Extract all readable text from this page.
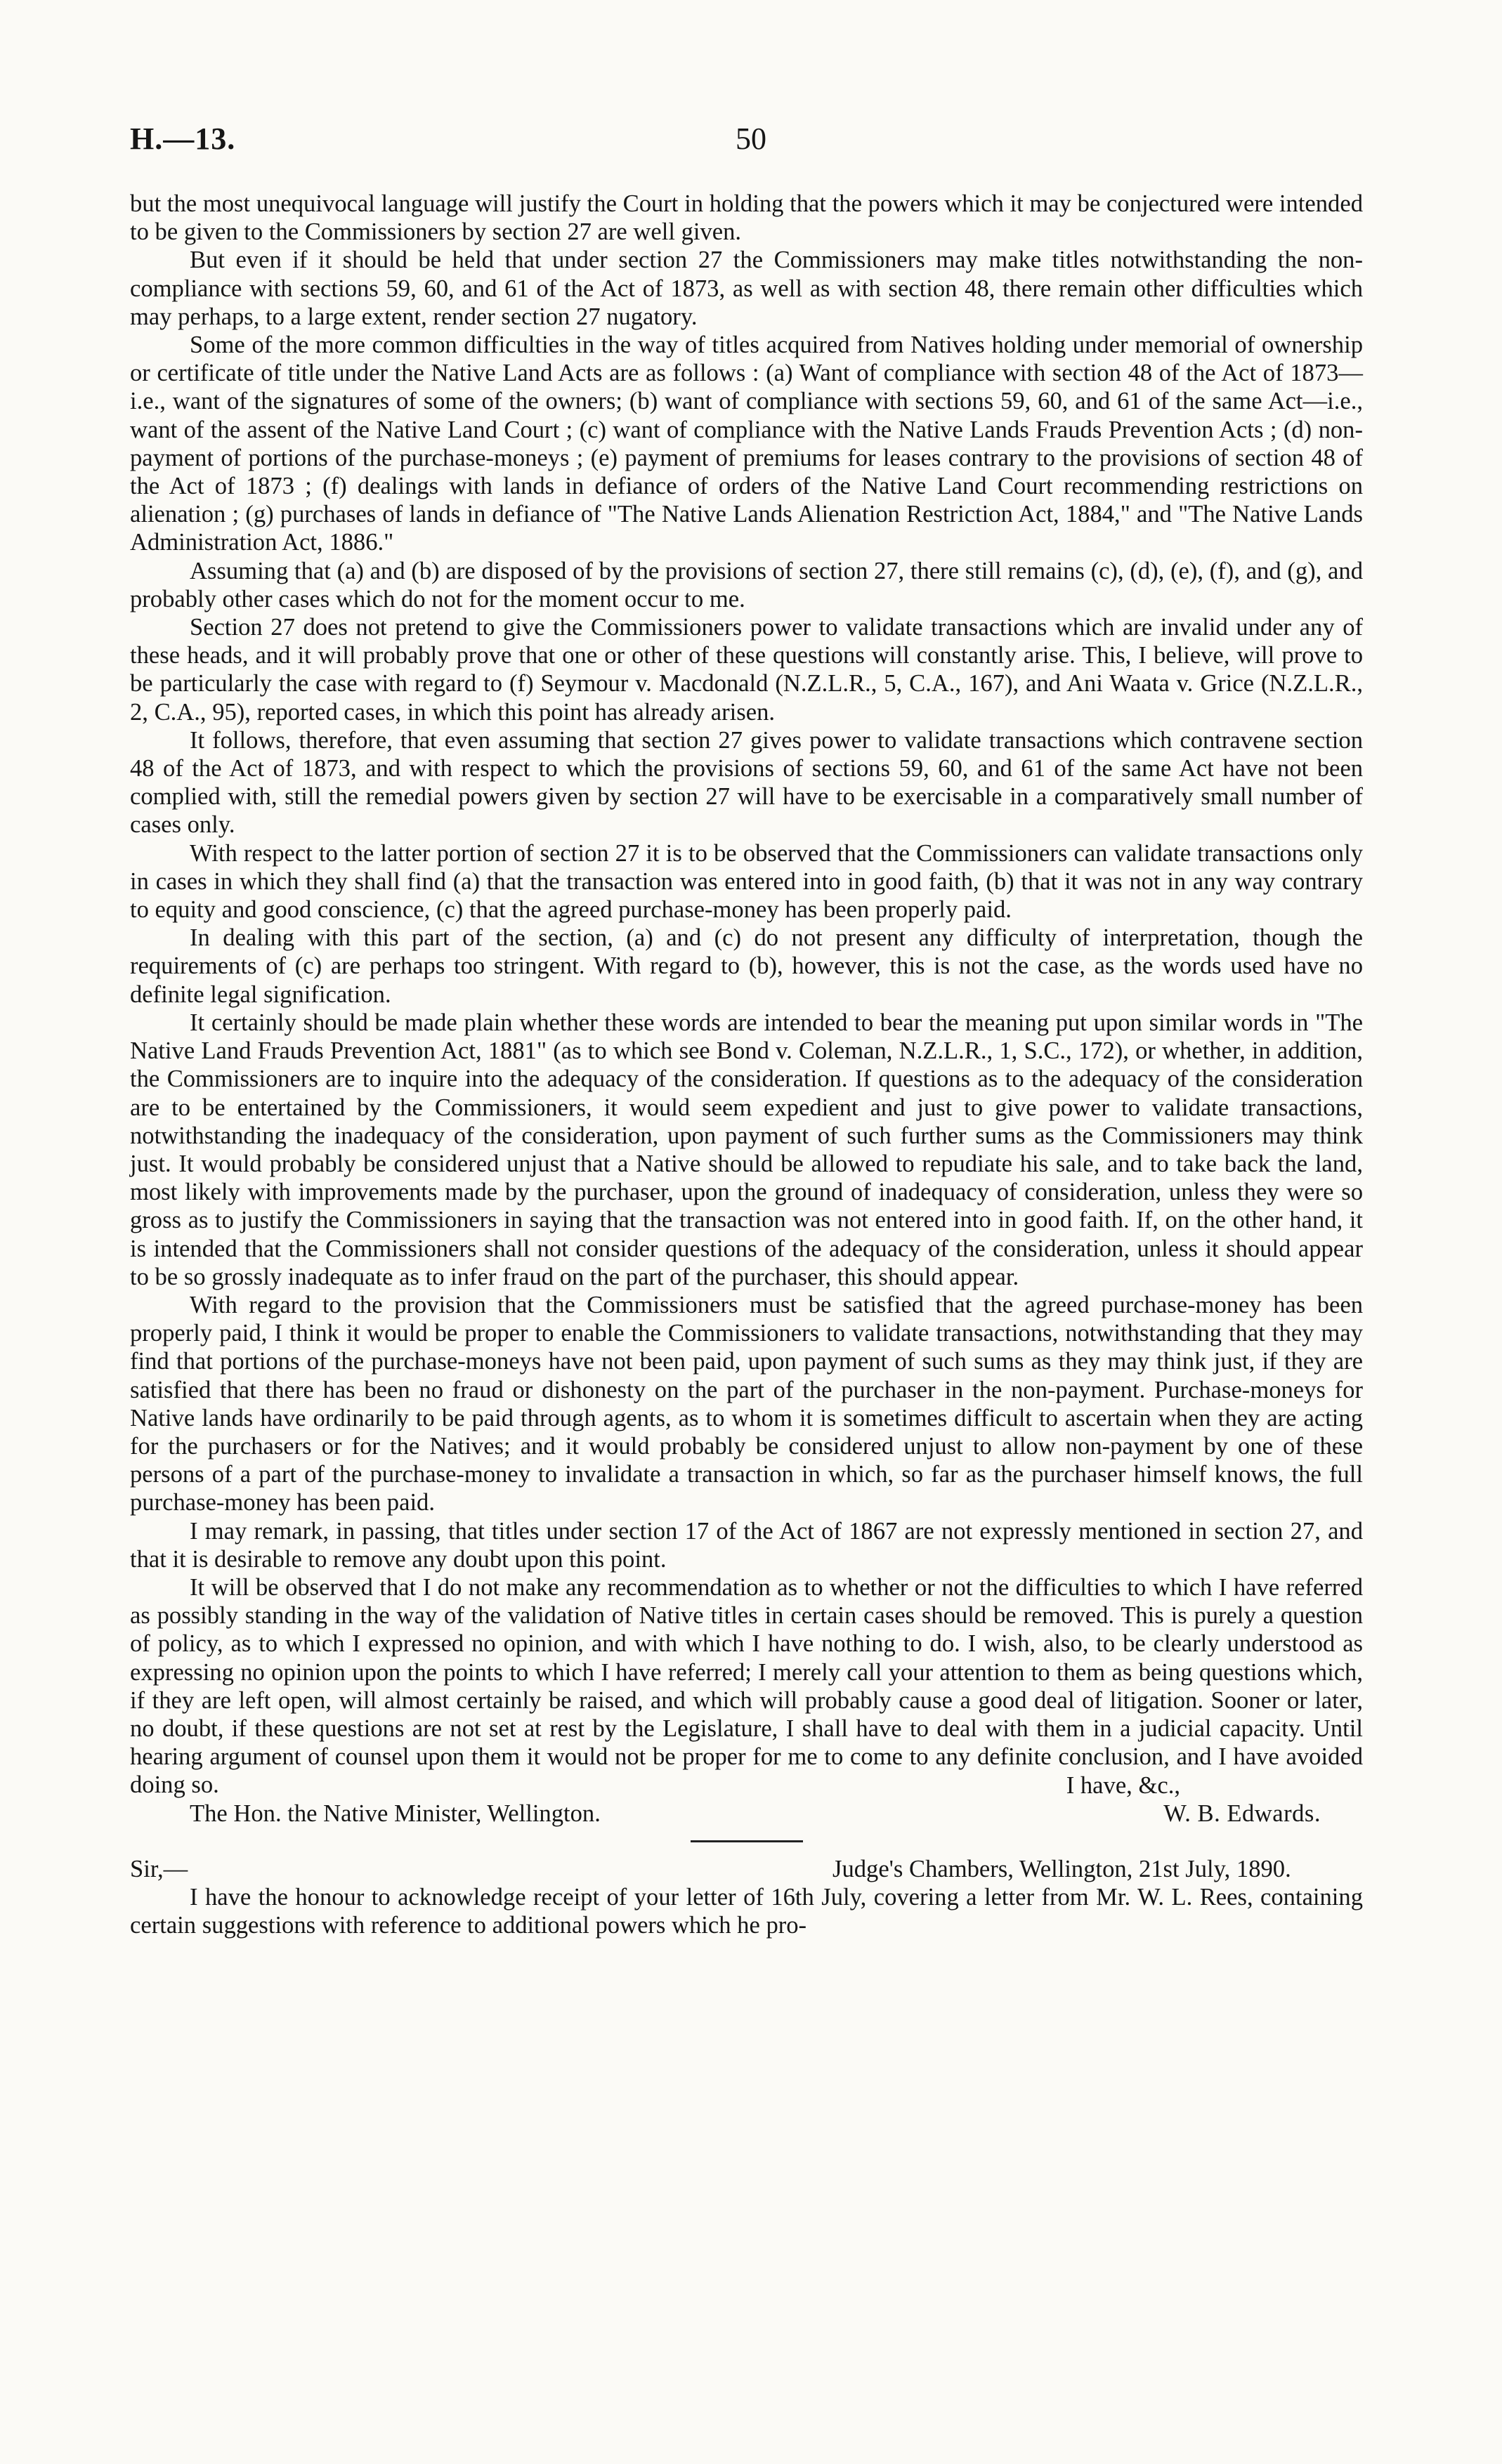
H.—13.	50

but the most unequivocal language will justify the Court in holding that the powers which it may be conjectured were intended to be given to the Commissioners by section 27 are well given.

But even if it should be held that under section 27 the Commissioners may make titles notwithstanding the non-compliance with sections 59, 60, and 61 of the Act of 1873, as well as with section 48, there remain other difficulties which may perhaps, to a large extent, render section 27 nugatory.

Some of the more common difficulties in the way of titles acquired from Natives holding under memorial of ownership or certificate of title under the Native Land Acts are as follows : (a) Want of compliance with section 48 of the Act of 1873—i.e., want of the signatures of some of the owners; (b) want of compliance with sections 59, 60, and 61 of the same Act—i.e., want of the assent of the Native Land Court ; (c) want of compliance with the Native Lands Frauds Prevention Acts ; (d) non-payment of portions of the purchase-moneys ; (e) payment of premiums for leases contrary to the provisions of section 48 of the Act of 1873 ; (f) dealings with lands in defiance of orders of the Native Land Court recommending restrictions on alienation ; (g) purchases of lands in defiance of "The Native Lands Alienation Restriction Act, 1884," and "The Native Lands Administration Act, 1886."

Assuming that (a) and (b) are disposed of by the provisions of section 27, there still remains (c), (d), (e), (f), and (g), and probably other cases which do not for the moment occur to me.

Section 27 does not pretend to give the Commissioners power to validate transactions which are invalid under any of these heads, and it will probably prove that one or other of these questions will constantly arise. This, I believe, will prove to be particularly the case with regard to (f) Seymour v. Macdonald (N.Z.L.R., 5, C.A., 167), and Ani Waata v. Grice (N.Z.L.R., 2, C.A., 95), reported cases, in which this point has already arisen.

It follows, therefore, that even assuming that section 27 gives power to validate transactions which contravene section 48 of the Act of 1873, and with respect to which the provisions of sections 59, 60, and 61 of the same Act have not been complied with, still the remedial powers given by section 27 will have to be exercisable in a comparatively small number of cases only.

With respect to the latter portion of section 27 it is to be observed that the Commissioners can validate transactions only in cases in which they shall find (a) that the transaction was entered into in good faith, (b) that it was not in any way contrary to equity and good conscience, (c) that the agreed purchase-money has been properly paid.

In dealing with this part of the section, (a) and (c) do not present any difficulty of interpretation, though the requirements of (c) are perhaps too stringent. With regard to (b), however, this is not the case, as the words used have no definite legal signification.

It certainly should be made plain whether these words are intended to bear the meaning put upon similar words in "The Native Land Frauds Prevention Act, 1881" (as to which see Bond v. Coleman, N.Z.L.R., 1, S.C., 172), or whether, in addition, the Commissioners are to inquire into the adequacy of the consideration. If questions as to the adequacy of the consideration are to be entertained by the Commissioners, it would seem expedient and just to give power to validate transactions, notwithstanding the inadequacy of the consideration, upon payment of such further sums as the Commissioners may think just. It would probably be considered unjust that a Native should be allowed to repudiate his sale, and to take back the land, most likely with improvements made by the purchaser, upon the ground of inadequacy of consideration, unless they were so gross as to justify the Commissioners in saying that the transaction was not entered into in good faith. If, on the other hand, it is intended that the Commissioners shall not consider questions of the adequacy of the consideration, unless it should appear to be so grossly inadequate as to infer fraud on the part of the purchaser, this should appear.

With regard to the provision that the Commissioners must be satisfied that the agreed purchase-money has been properly paid, I think it would be proper to enable the Commissioners to validate transactions, notwithstanding that they may find that portions of the purchase-moneys have not been paid, upon payment of such sums as they may think just, if they are satisfied that there has been no fraud or dishonesty on the part of the purchaser in the non-payment. Purchase-moneys for Native lands have ordinarily to be paid through agents, as to whom it is sometimes difficult to ascertain when they are acting for the purchasers or for the Natives; and it would probably be considered unjust to allow non-payment by one of these persons of a part of the purchase-money to invalidate a transaction in which, so far as the purchaser himself knows, the full purchase-money has been paid.

I may remark, in passing, that titles under section 17 of the Act of 1867 are not expressly mentioned in section 27, and that it is desirable to remove any doubt upon this point.

It will be observed that I do not make any recommendation as to whether or not the difficulties to which I have referred as possibly standing in the way of the validation of Native titles in certain cases should be removed. This is purely a question of policy, as to which I expressed no opinion, and with which I have nothing to do. I wish, also, to be clearly understood as expressing no opinion upon the points to which I have referred; I merely call your attention to them as being questions which, if they are left open, will almost certainly be raised, and which will probably cause a good deal of litigation. Sooner or later, no doubt, if these questions are not set at rest by the Legislature, I shall have to deal with them in a judicial capacity. Until hearing argument of counsel upon them it would not be proper for me to come to any definite conclusion, and I have avoided doing so.	I have, &c.,
The Hon. the Native Minister, Wellington.	W. B. Edwards.
Sir,—	Judge's Chambers, Wellington, 21st July, 1890.

I have the honour to acknowledge receipt of your letter of 16th July, covering a letter from Mr. W. L. Rees, containing certain suggestions with reference to additional powers which he pro-
